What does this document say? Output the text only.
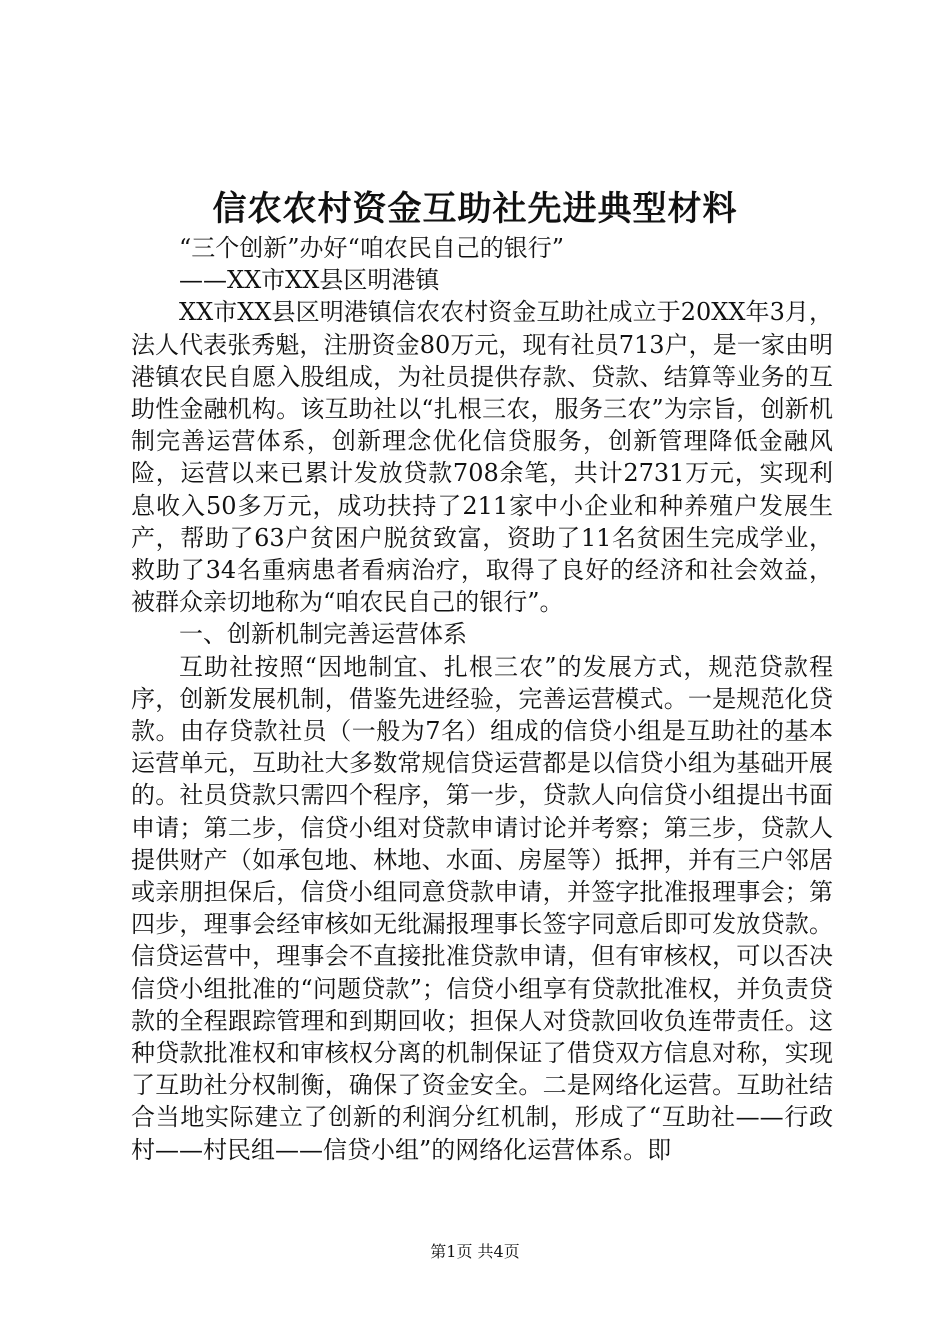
信农农村资金互助社先进典型材料

“三个创新”办好“咱农民自己的银行”

——XX市XX县区明港镇

XX市XX县区明港镇信农农村资金互助社成立于20XX年3月，法人代表张秀魁，注册资金80万元，现有社员713户，是一家由明港镇农民自愿入股组成，为社员提供存款、贷款、结算等业务的互助性金融机构。该互助社以“扎根三农，服务三农”为宗旨，创新机制完善运营体系，创新理念优化信贷服务，创新管理降低金融风险，运营以来已累计发放贷款708余笔，共计2731万元，实现利息收入50多万元，成功扶持了211家中小企业和种养殖户发展生产，帮助了63户贫困户脱贫致富，资助了11名贫困生完成学业，救助了34名重病患者看病治疗，取得了良好的经济和社会效益，被群众亲切地称为“咱农民自己的银行”。

一、创新机制完善运营体系

互助社按照“因地制宜、扎根三农”的发展方式，规范贷款程序，创新发展机制，借鉴先进经验，完善运营模式。一是规范化贷款。由存贷款社员（一般为7名）组成的信贷小组是互助社的基本运营单元，互助社大多数常规信贷运营都是以信贷小组为基础开展的。社员贷款只需四个程序，第一步，贷款人向信贷小组提出书面申请；第二步，信贷小组对贷款申请讨论并考察；第三步，贷款人提供财产（如承包地、林地、水面、房屋等）抵押，并有三户邻居或亲朋担保后，信贷小组同意贷款申请，并签字批准报理事会；第四步，理事会经审核如无纰漏报理事长签字同意后即可发放贷款。信贷运营中，理事会不直接批准贷款申请，但有审核权，可以否决信贷小组批准的“问题贷款”；信贷小组享有贷款批准权，并负责贷款的全程跟踪管理和到期回收；担保人对贷款回收负连带责任。这种贷款批准权和审核权分离的机制保证了借贷双方信息对称，实现了互助社分权制衡，确保了资金安全。二是网络化运营。互助社结合当地实际建立了创新的利润分红机制，形成了“互助社——行政村——村民组——信贷小组”的网络化运营体系。即

第1页 共4页
